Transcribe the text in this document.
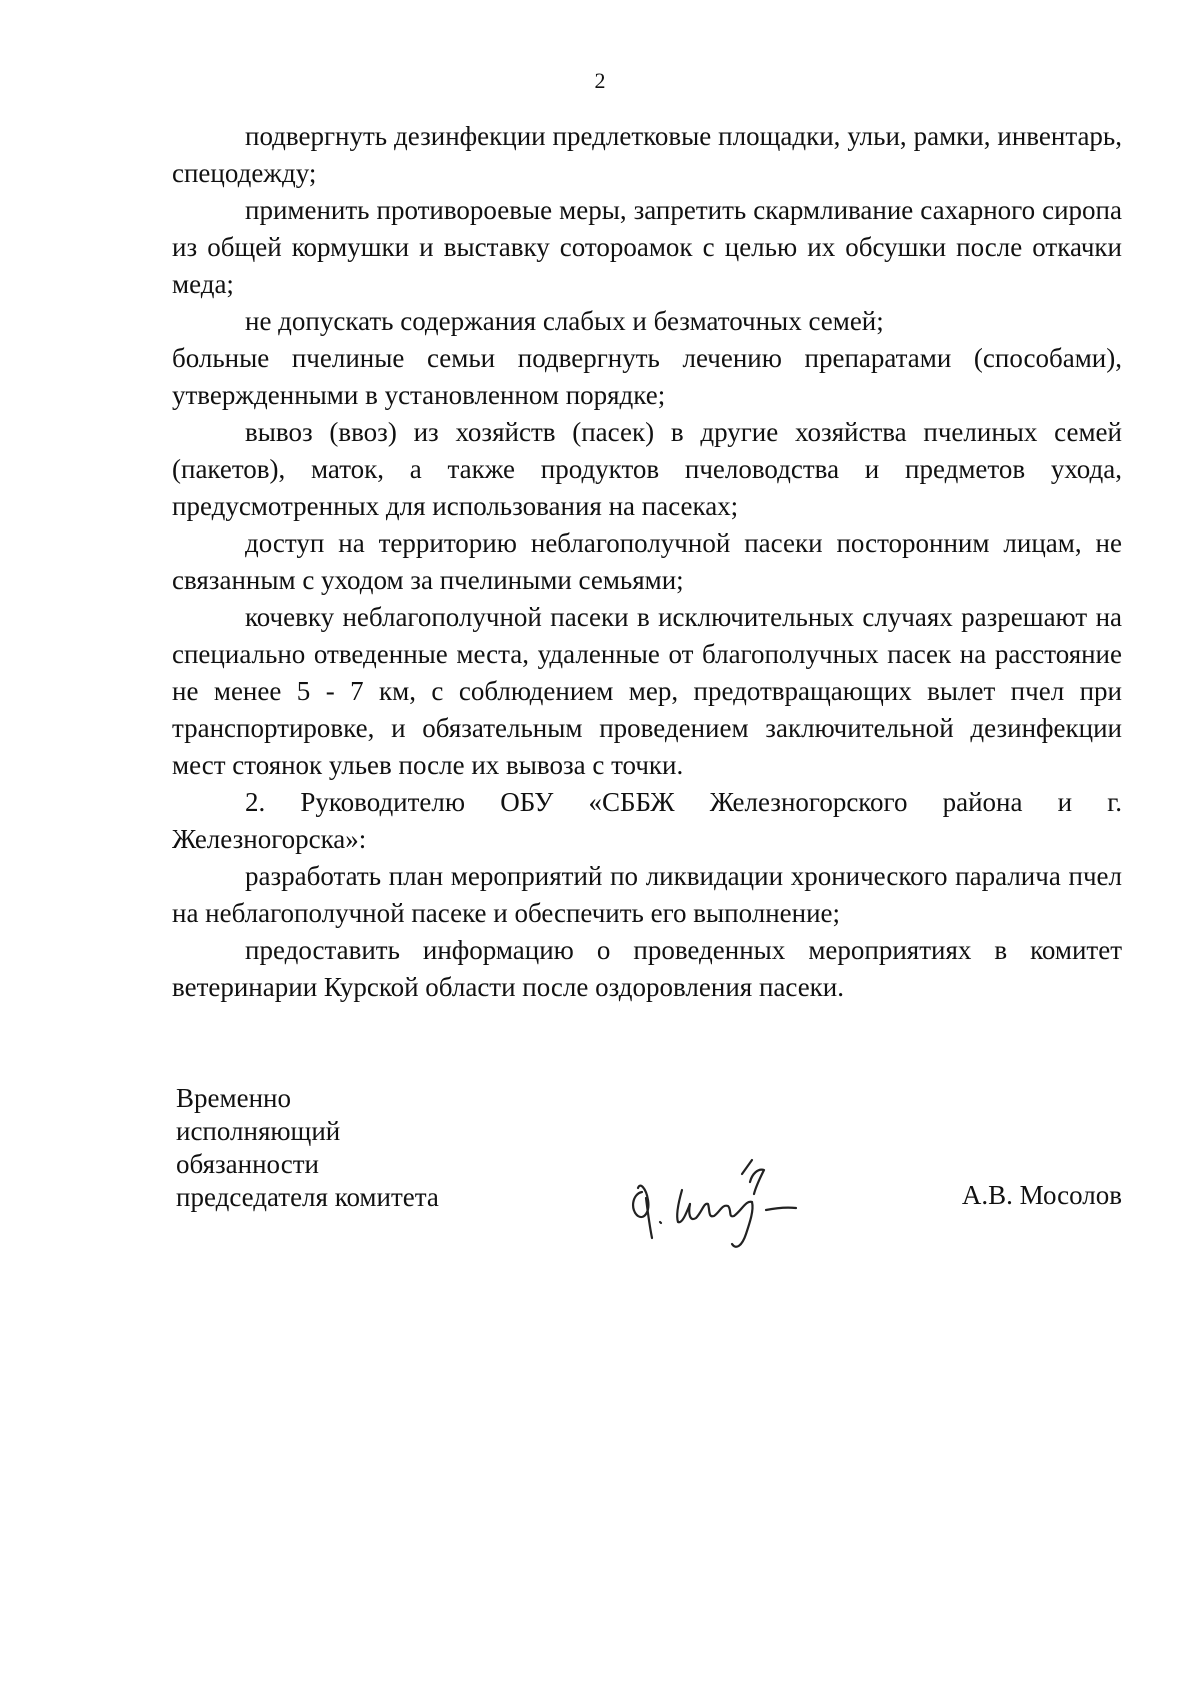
2

подвергнуть дезинфекции предлетковые площадки, ульи, рамки, инвентарь, спецодежду;

применить противороевые меры, запретить скармливание сахарного сиропа из общей кормушки и выставку сотороамок с целью их обсушки после откачки меда;

не допускать содержания слабых и безматочных семей;

больные пчелиные семьи подвергнуть лечению препаратами (способами), утвержденными в установленном порядке;

вывоз (ввоз) из хозяйств (пасек) в другие хозяйства пчелиных семей (пакетов), маток, а также продуктов пчеловодства и предметов ухода, предусмотренных для использования на пасеках;

доступ на территорию неблагополучной пасеки посторонним лицам, не связанным с уходом за пчелиными семьями;

кочевку неблагополучной пасеки в исключительных случаях разрешают на специально отведенные места, удаленные от благополучных пасек на расстояние не менее 5 - 7 км, с соблюдением мер, предотвращающих вылет пчел при транспортировке, и обязательным проведением заключительной дезинфекции мест стоянок ульев после их вывоза с точки.

2. Руководителю ОБУ «СББЖ Железногорского района и г. Железногорска»:

разработать план мероприятий по ликвидации хронического паралича пчел на неблагополучной пасеке и обеспечить его выполнение;

предоставить информацию о проведенных мероприятиях в комитет ветеринарии Курской области после оздоровления пасеки.

Временно
исполняющий
обязанности
председателя комитета	А.В. Мосолов
